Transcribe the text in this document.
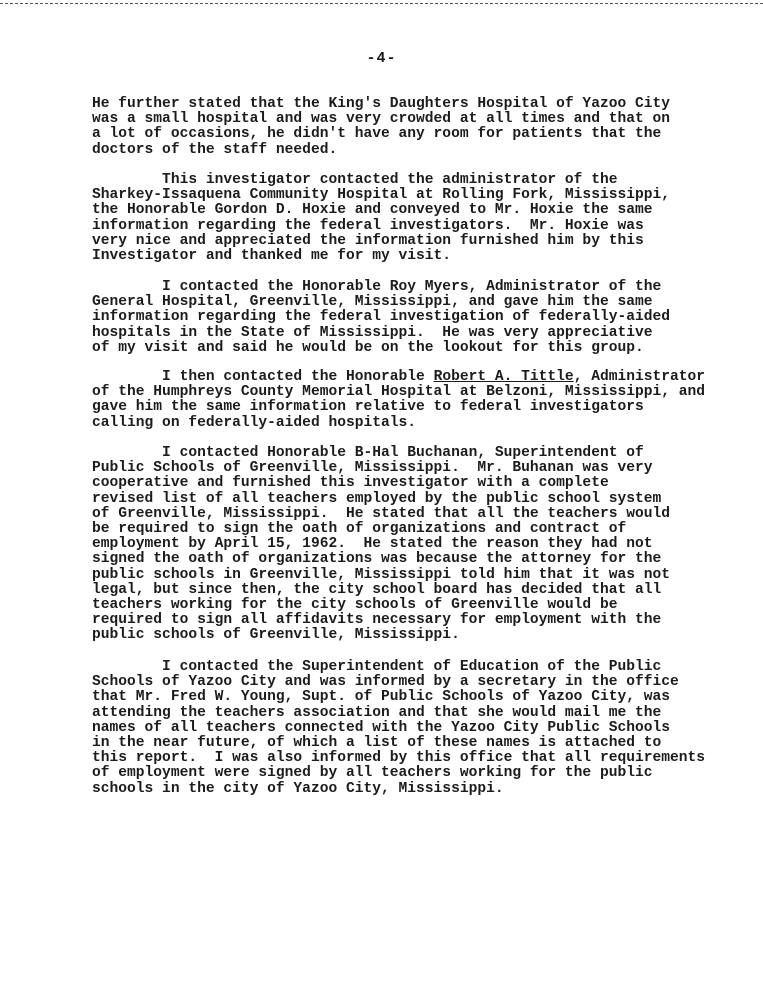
-4-
He further stated that the King's Daughters Hospital of Yazoo City
was a small hospital and was very crowded at all times and that on
a lot of occasions, he didn't have any room for patients that the
doctors of the staff needed.
This investigator contacted the administrator of the
Sharkey-Issaquena Community Hospital at Rolling Fork, Mississippi,
the Honorable Gordon D. Hoxie and conveyed to Mr. Hoxie the same
information regarding the federal investigators.  Mr. Hoxie was
very nice and appreciated the information furnished him by this
Investigator and thanked me for my visit.
I contacted the Honorable Roy Myers, Administrator of the
General Hospital, Greenville, Mississippi, and gave him the same
information regarding the federal investigation of federally-aided
hospitals in the State of Mississippi.  He was very appreciative
of my visit and said he would be on the lookout for this group.
I then contacted the Honorable Robert A. Tittle, Administrator
of the Humphreys County Memorial Hospital at Belzoni, Mississippi, and
gave him the same information relative to federal investigators
calling on federally-aided hospitals.
I contacted Honorable B-Hal Buchanan, Superintendent of
Public Schools of Greenville, Mississippi.  Mr. Buhanan was very
cooperative and furnished this investigator with a complete
revised list of all teachers employed by the public school system
of Greenville, Mississippi.  He stated that all the teachers would
be required to sign the oath of organizations and contract of
employment by April 15, 1962.  He stated the reason they had not
signed the oath of organizations was because the attorney for the
public schools in Greenville, Mississippi told him that it was not
legal, but since then, the city school board has decided that all
teachers working for the city schools of Greenville would be
required to sign all affidavits necessary for employment with the
public schools of Greenville, Mississippi.
I contacted the Superintendent of Education of the Public
Schools of Yazoo City and was informed by a secretary in the office
that Mr. Fred W. Young, Supt. of Public Schools of Yazoo City, was
attending the teachers association and that she would mail me the
names of all teachers connected with the Yazoo City Public Schools
in the near future, of which a list of these names is attached to
this report.  I was also informed by this office that all requirements
of employment were signed by all teachers working for the public
schools in the city of Yazoo City, Mississippi.
